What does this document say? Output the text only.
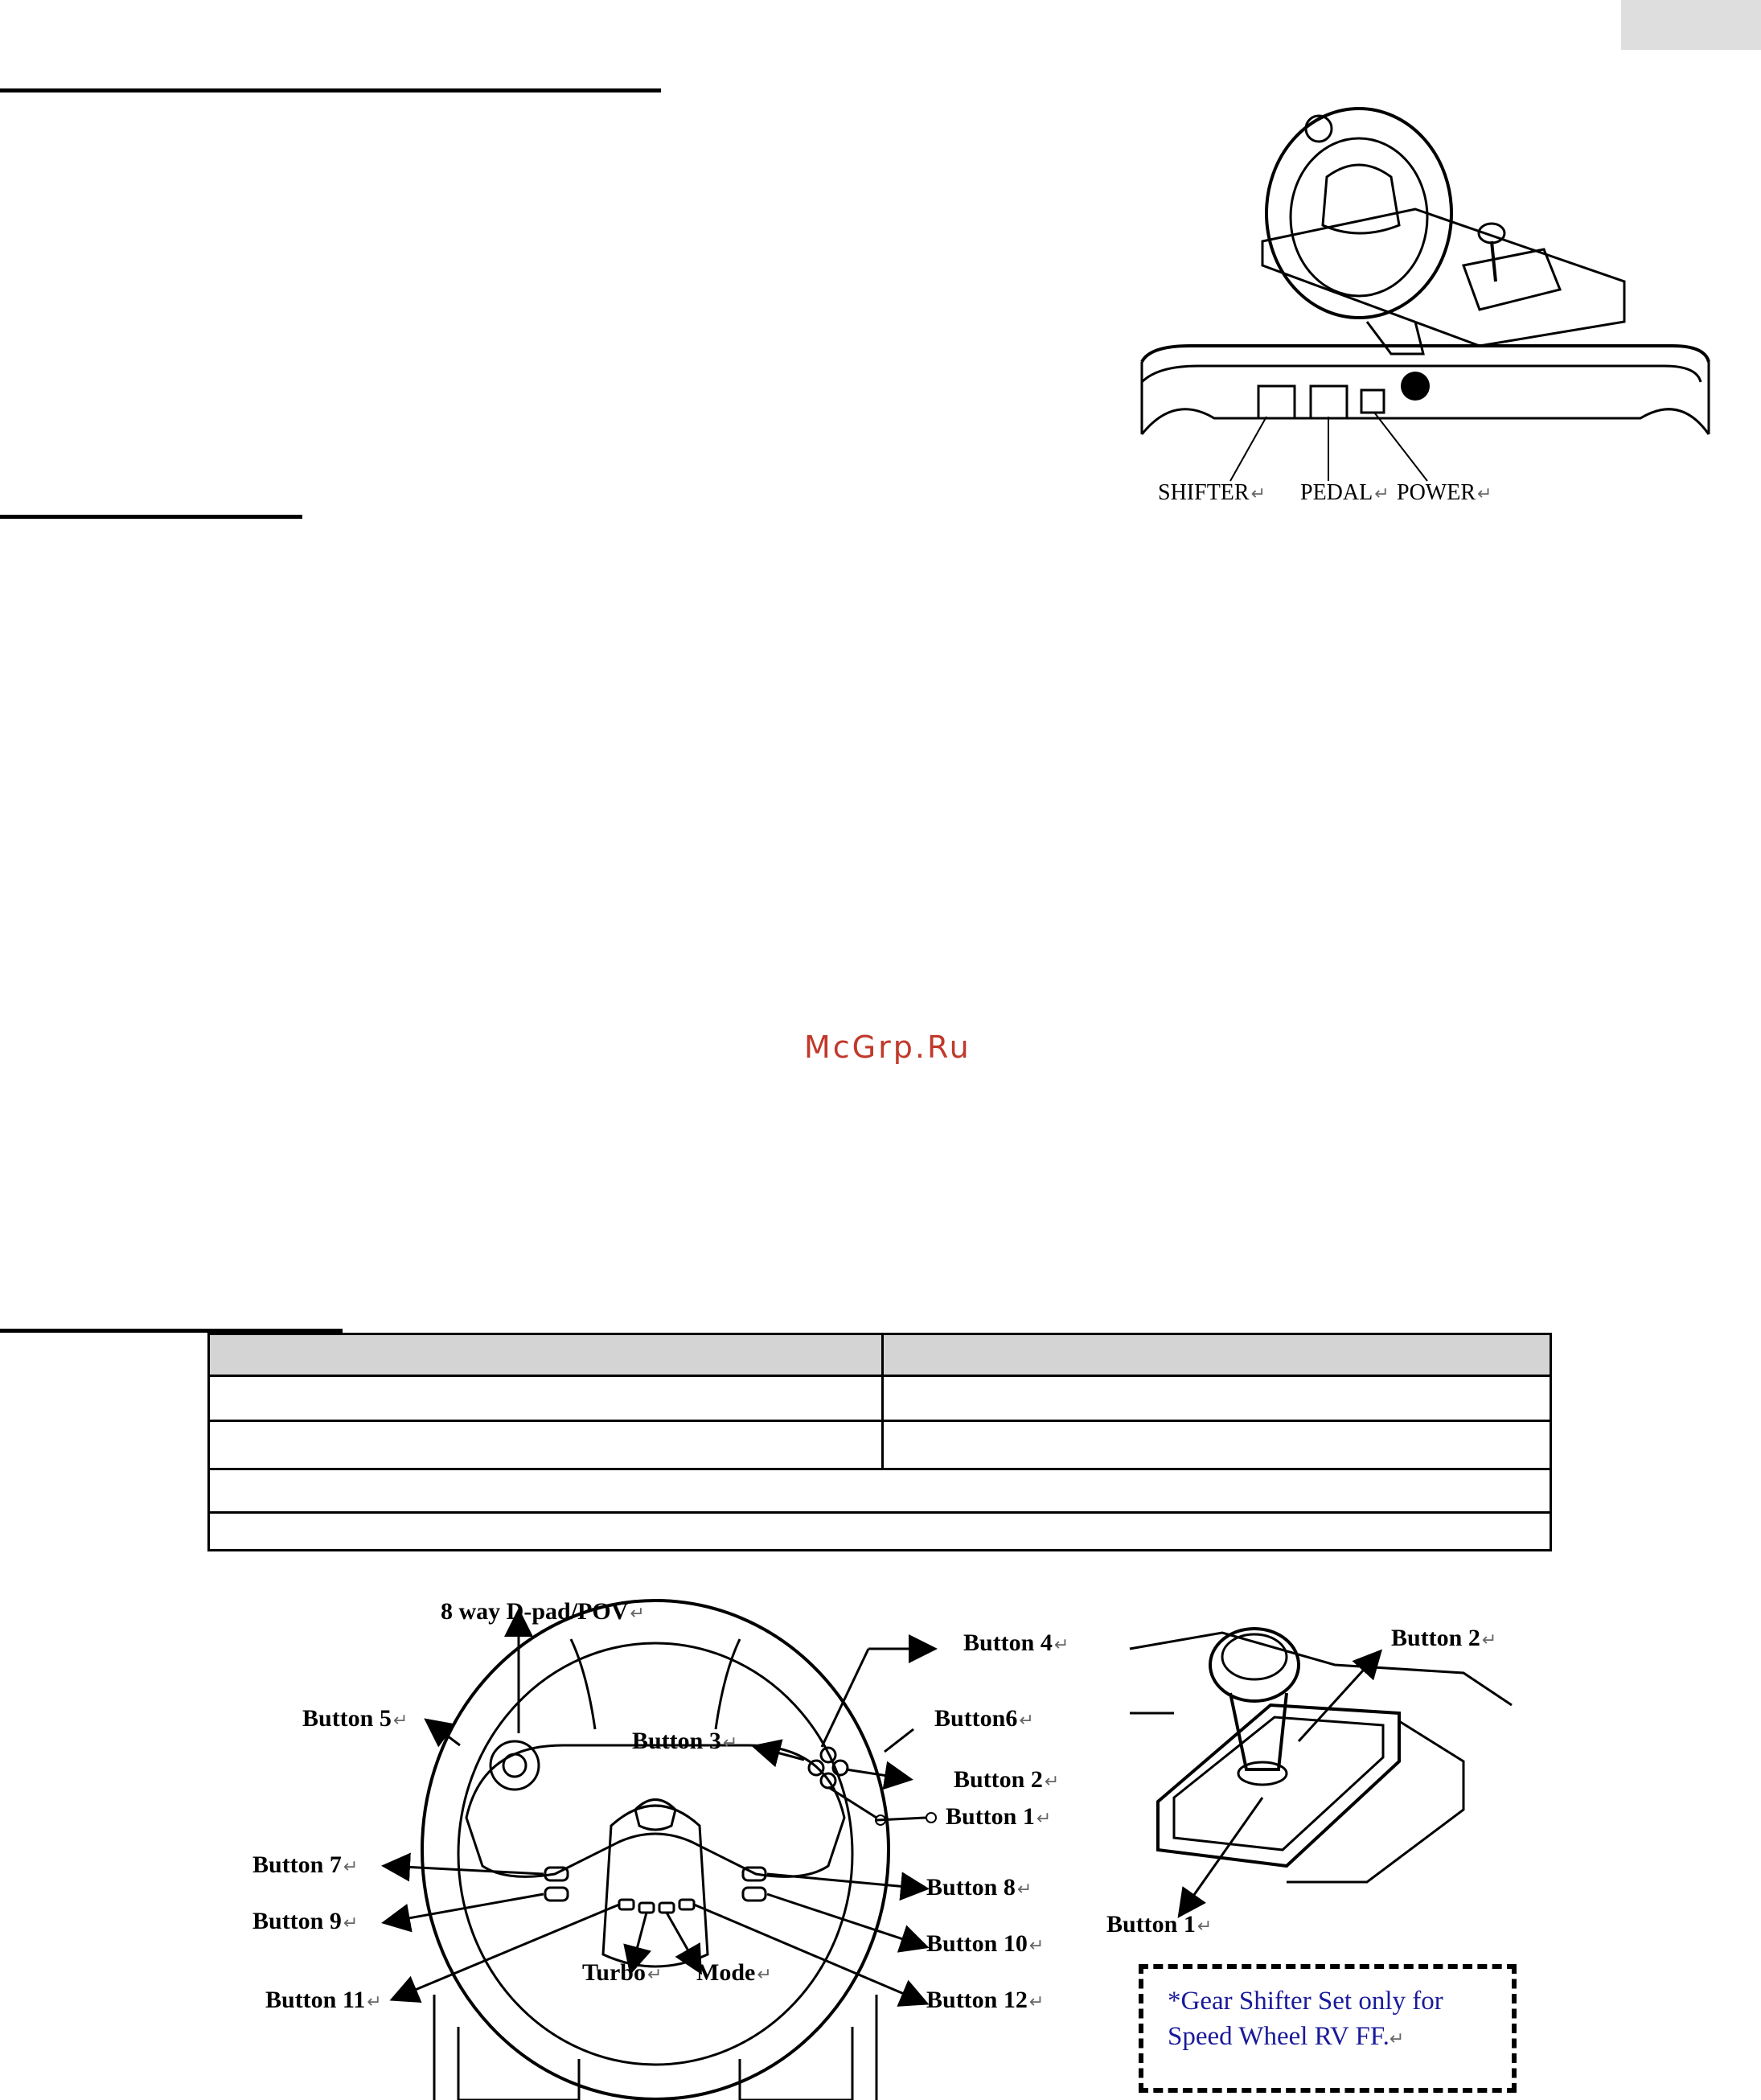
SHIFTER↵ PEDAL↵ POWER↵
McGrp.Ru
8 way D-pad/POV↵
Button 4↵
Button 5↵	Button6↵
Button 3↵
Button 2↵
Button 1↵
Button 7↵
Button 8↵
Button 9↵
Button 10↵
Turbo↵ Mode↵
Button 11↵	Button 12↵
Button 2↵
Button 1↵
*Gear Shifter Set only for
Speed Wheel RV FF.↵
